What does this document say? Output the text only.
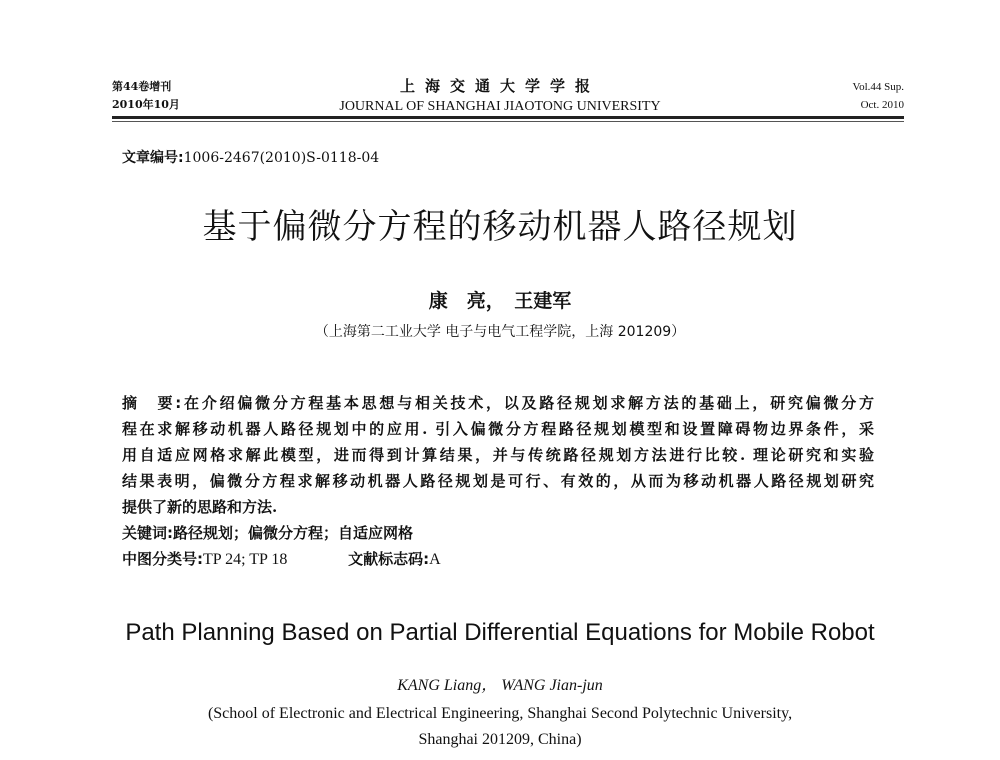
第44卷增刊
2010年10月
上海交通大学学报
JOURNAL OF SHANGHAI JIAOTONG UNIVERSITY
Vol.44 Sup.
Oct. 2010
文章编号:1006-2467(2010)S-0118-04
基于偏微分方程的移动机器人路径规划
康　亮，　王建军
（上海第二工业大学 电子与电气工程学院，上海 201209）
摘　要:在介绍偏微分方程基本思想与相关技术，以及路径规划求解方法的基础上，研究偏微分方
程在求解移动机器人路径规划中的应用. 引入偏微分方程路径规划模型和设置障碍物边界条件，采
用自适应网格求解此模型，进而得到计算结果，并与传统路径规划方法进行比较. 理论研究和实验
结果表明，偏微分方程求解移动机器人路径规划是可行、有效的，从而为移动机器人路径规划研究
提供了新的思路和方法.
关键词:路径规划；偏微分方程；自适应网格
中图分类号:TP 24; TP 18	文献标志码:A
Path Planning Based on Partial Differential Equations for Mobile Robot
KANG Liang， WANG Jian-jun
(School of Electronic and Electrical Engineering, Shanghai Second Polytechnic University,
Shanghai 201209, China)
